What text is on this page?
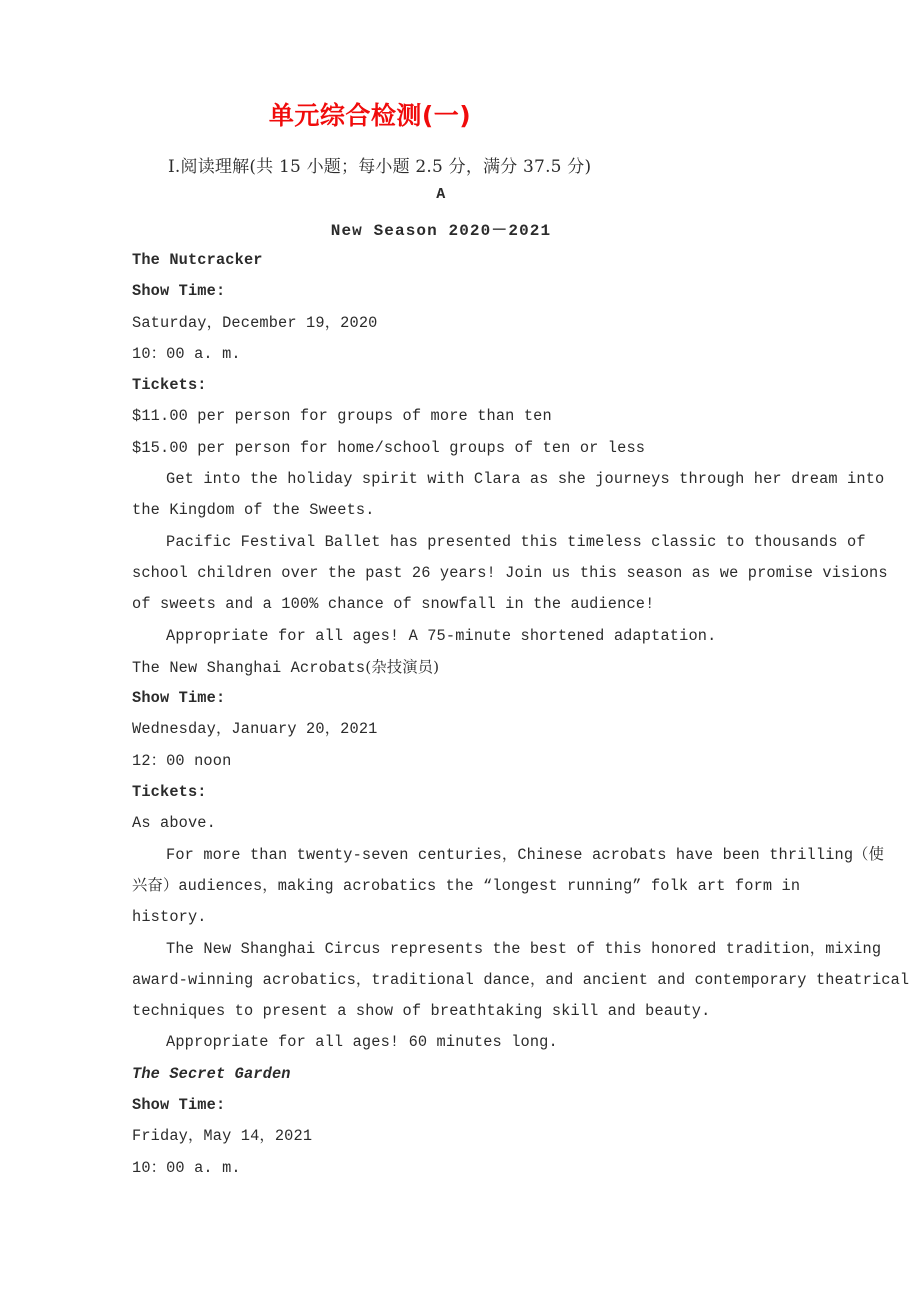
单元综合检测(一)
Ⅰ.阅读理解(共 15 小题；每小题 2.5 分，满分 37.5 分)
A
New Season 2020－2021
The Nutcracker
Show Time:
Saturday，December 19，2020
10：00 a. m.
Tickets:
$11.00 per person for groups of more than ten
$15.00 per person for home/school groups of ten or less
Get into the holiday spirit with Clara as she journeys through her dream into
the Kingdom of the Sweets.
Pacific Festival Ballet has presented this timeless classic to thousands of
school children over the past 26 years! Join us this season as we promise visions
of sweets and a 100% chance of snowfall in the audience!
Appropriate for all ages! A 75-minute shortened adaptation.
The New Shanghai Acrobats(杂技演员)
Show Time:
Wednesday，January 20，2021
12：00 noon
Tickets:
As above.
For more than twenty-seven centuries，Chinese acrobats have been thrilling（使
兴奋）audiences，making acrobatics the “longest running” folk art form in
history.
The New Shanghai Circus represents the best of this honored tradition，mixing
award-winning acrobatics，traditional dance，and ancient and contemporary theatrical
techniques to present a show of breathtaking skill and beauty.
Appropriate for all ages! 60 minutes long.
The Secret Garden
Show Time:
Friday，May 14，2021
10：00 a. m.
